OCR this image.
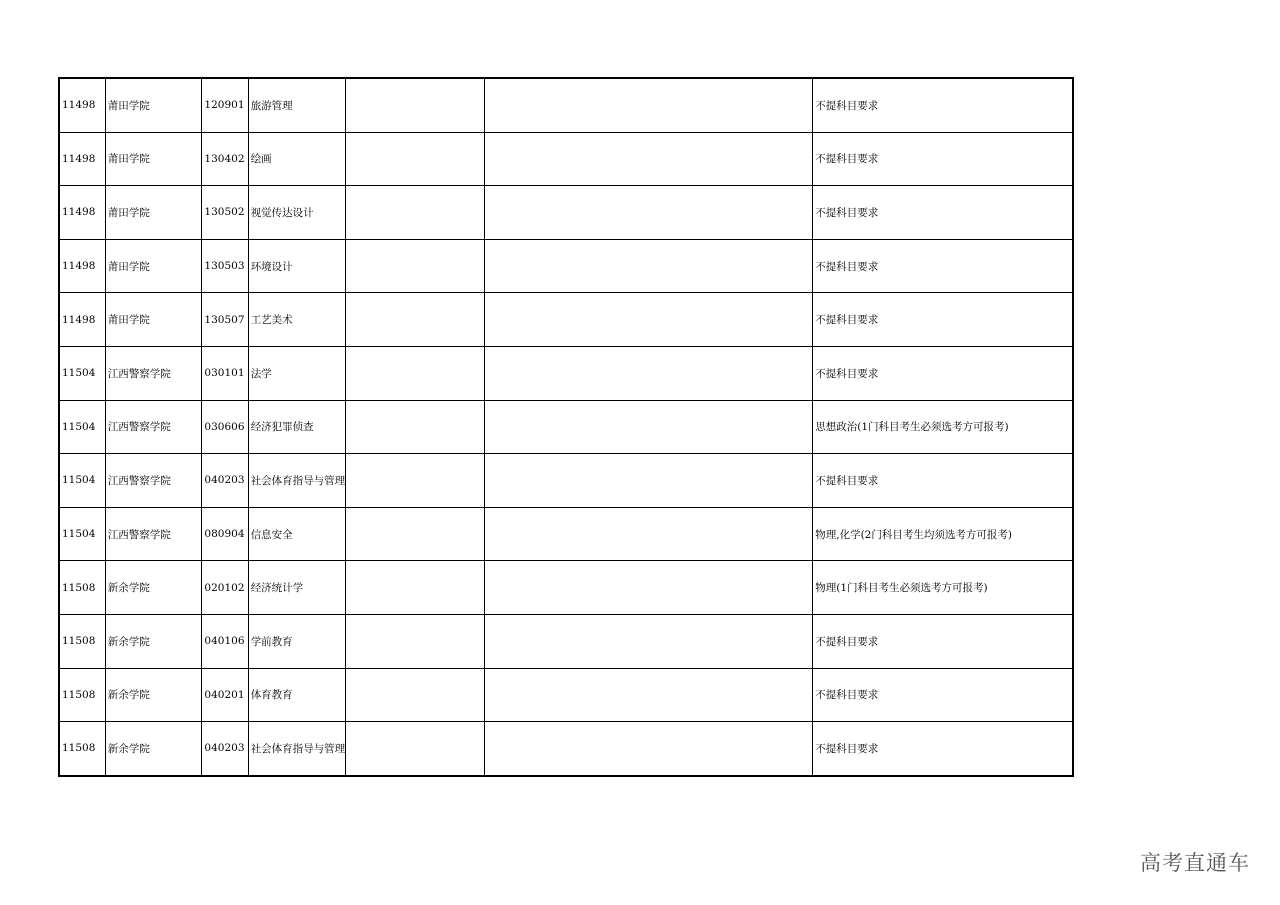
11498	莆田学院	120901	旅游管理			不提科目要求
11498	莆田学院	130402	绘画			不提科目要求
11498	莆田学院	130502	视觉传达设计			不提科目要求
11498	莆田学院	130503	环境设计			不提科目要求
11498	莆田学院	130507	工艺美术			不提科目要求
11504	江西警察学院	030101	法学			不提科目要求
11504	江西警察学院	030606	经济犯罪侦查			思想政治(1门科目考生必须选考方可报考)
11504	江西警察学院	040203	社会体育指导与管理			不提科目要求
11504	江西警察学院	080904	信息安全			物理,化学(2门科目考生均须选考方可报考)
11508	新余学院	020102	经济统计学			物理(1门科目考生必须选考方可报考)
11508	新余学院	040106	学前教育			不提科目要求
11508	新余学院	040201	体育教育			不提科目要求
11508	新余学院	040203	社会体育指导与管理			不提科目要求
高考直通车
